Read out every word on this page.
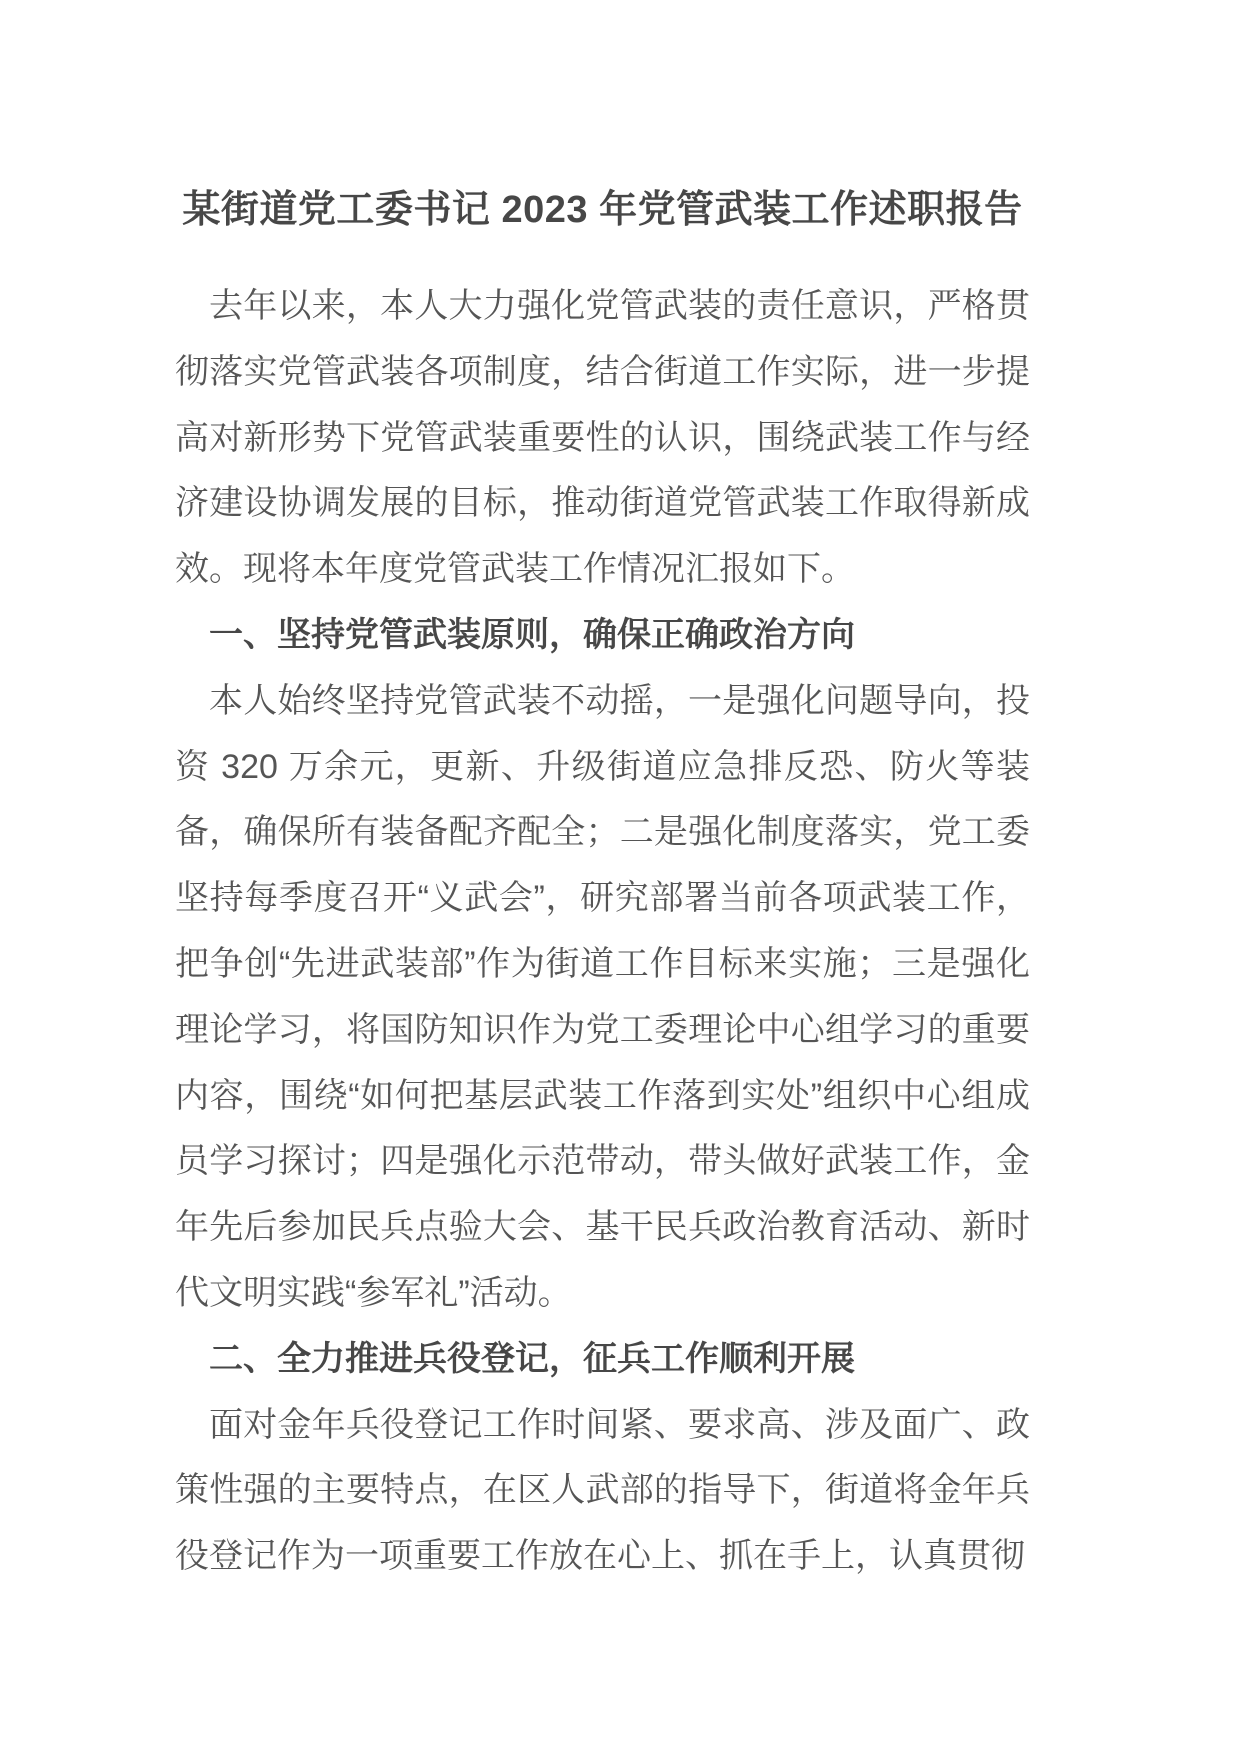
某街道党工委书记 2023 年党管武装工作述职报告

去年以来，本人大力强化党管武装的责任意识，严格贯彻落实党管武装各项制度，结合街道工作实际，进一步提高对新形势下党管武装重要性的认识，围绕武装工作与经济建设协调发展的目标，推动街道党管武装工作取得新成效。现将本年度党管武装工作情况汇报如下。

一、坚持党管武装原则，确保正确政治方向

本人始终坚持党管武装不动摇，一是强化问题导向，投资 320 万余元，更新、升级街道应急排反恐、防火等装备，确保所有装备配齐配全；二是强化制度落实，党工委坚持每季度召开“义武会”，研究部署当前各项武装工作，把争创“先进武装部”作为街道工作目标来实施；三是强化理论学习，将国防知识作为党工委理论中心组学习的重要内容，围绕“如何把基层武装工作落到实处”组织中心组成员学习探讨；四是强化示范带动，带头做好武装工作，金年先后参加民兵点验大会、基干民兵政治教育活动、新时代文明实践“参军礼”活动。

二、全力推进兵役登记，征兵工作顺利开展

面对金年兵役登记工作时间紧、要求高、涉及面广、政策性强的主要特点，在区人武部的指导下，街道将金年兵役登记作为一项重要工作放在心上、抓在手上，认真贯彻
